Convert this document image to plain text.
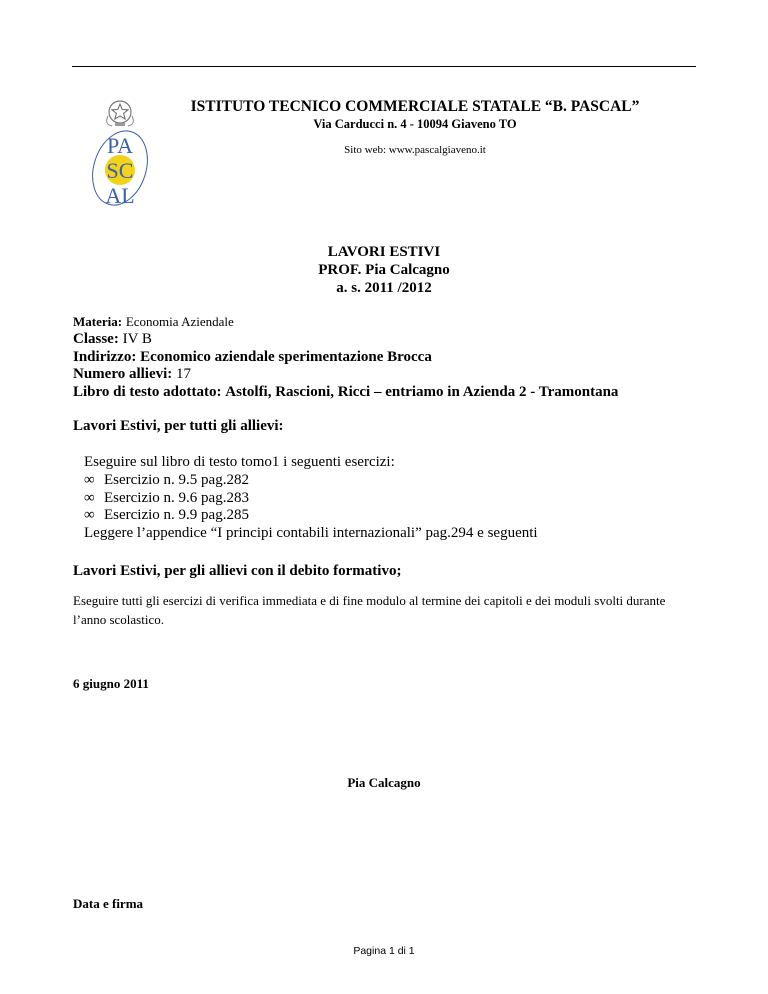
PA
SC
AL
ISTITUTO TECNICO COMMERCIALE STATALE “B. PASCAL”
Via Carducci n. 4 - 10094 Giaveno TO
Sito web: www.pascalgiaveno.it
LAVORI ESTIVI
PROF. Pia Calcagno
a. s. 2011 /2012
Materia: Economia Aziendale
Classe: IV B
Indirizzo: Economico aziendale sperimentazione Brocca
Numero allievi: 17
Libro di testo adottato: Astolfi, Rascioni, Ricci – entriamo in Azienda 2 - Tramontana
Lavori Estivi, per tutti gli allievi:
Eseguire sul libro di testo tomo1 i seguenti esercizi:
∞ Esercizio n. 9.5 pag.282
∞ Esercizio n. 9.6 pag.283
∞ Esercizio n. 9.9 pag.285
Leggere l’appendice “I principi contabili internazionali” pag.294 e seguenti
Lavori Estivi, per gli allievi con il debito formativo;
Eseguire tutti gli esercizi di verifica immediata e di fine modulo al termine dei capitoli e dei moduli svolti durante l’anno scolastico.
6 giugno 2011
Pia Calcagno
Data e firma
Pagina 1 di 1
